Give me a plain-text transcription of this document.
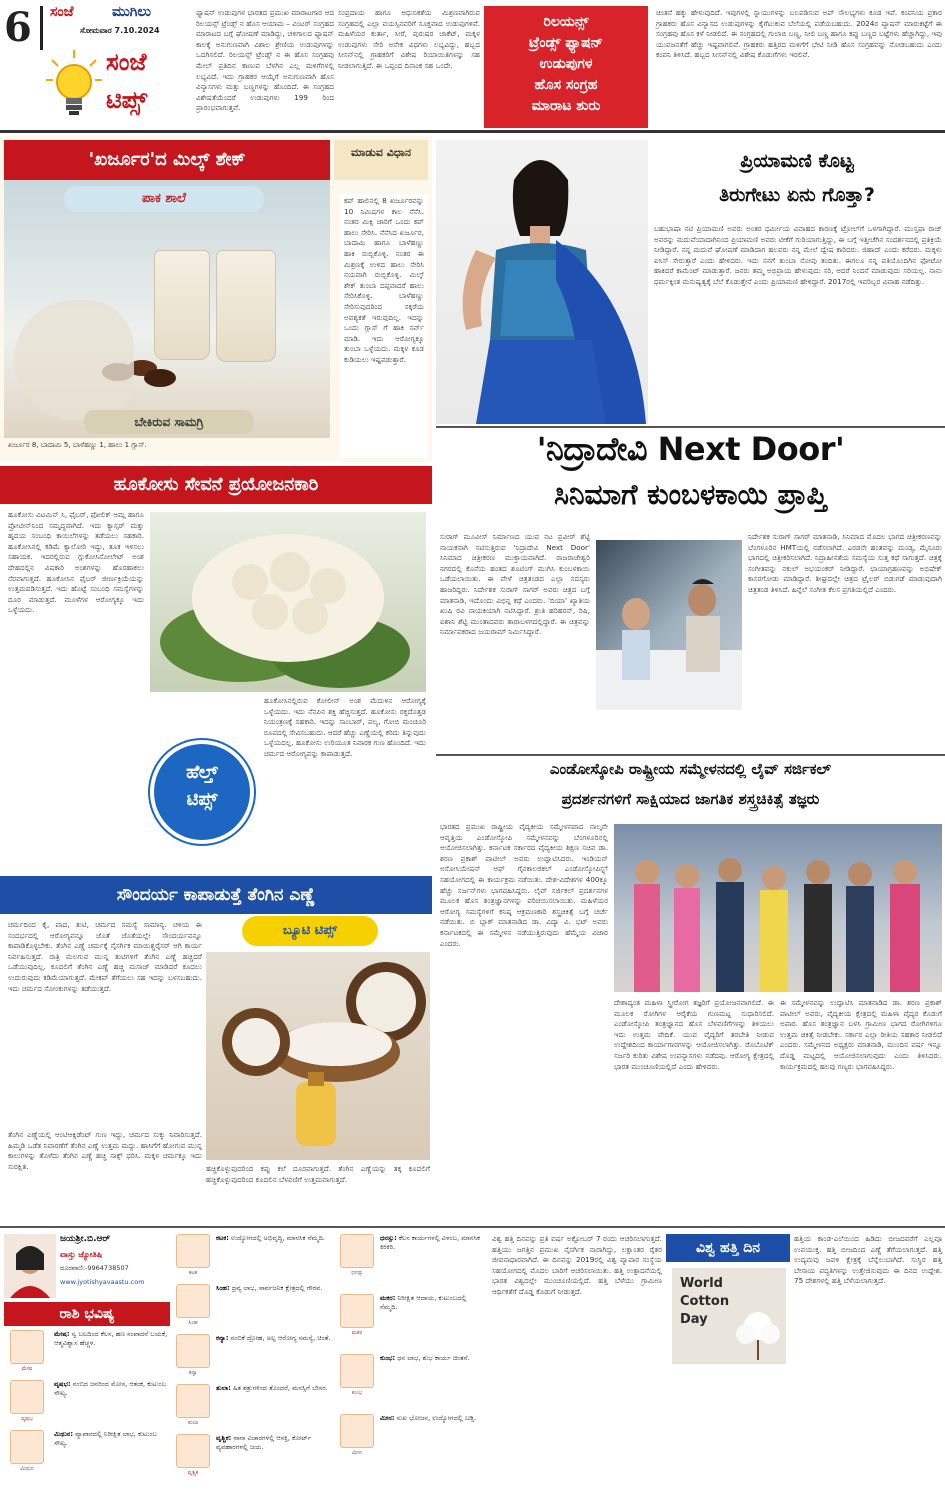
6	ಸಂಜೆ	ಮುಗಿಲು
ಸೋಮವಾರ 7.10.2024
ಸಂಜೆ
ಟಿಪ್ಸ್
ಫ್ಯಾಷನ್ ಉಡುಪುಗಳ ಭಾರತದ ಪ್ರಮುಖ ಮಾರಾಟಗಾರ ಆದ ರಿಲಯನ್ಸ್ ಟ್ರೆಂಡ್ಸ್ ನ ಹೊಸ ಆಯಾಮ – ವಿಂಟರ್ ಸಂಗ್ರಹದ ಮಾರಾಟದ ಬಗ್ಗೆ ಘೋಷಣೆ ಮಾಡಿದ್ದು, ಚಳಿಗಾಲದ ಫ್ಯಾಷನ್ ಕಾಲಕ್ಕೆ ಅನುಗುಣವಾಗಿ ವಿಶಾಲ ಶ್ರೇಣಿಯ ಉಡುಪುಗಳನ್ನು ಒದಗಿಸಲಿದೆ. ರಿಲಯನ್ಸ್ ಟ್ರೆಂಡ್ಸ್ ನ ಈ ಹೊಸ ಸಂಗ್ರಹವು ಮೇಲ್ ಪ್ರತಿದಿನ ಕಾಣುವ ಬೆಳಗಿನ ಎಲ್ಲ ಮಳಿಗೆಗಳಲ್ಲಿ ಲಭ್ಯವಿದೆ. ಇದು ಗ್ರಾಹಕರ ಆಯ್ಕೆಗೆ ಅನುಗುಣವಾಗಿ ಹೊಸ ವಿನ್ಯಾಸಗಳು ಮತ್ತು ಬಣ್ಣಗಳನ್ನು ಹೊಂದಿದೆ. ಈ ಸಂಗ್ರಹದ ವಿಶೇಷತೆಯೆಂದರೆ ಉಡುಪುಗಳು 199 ರಿಂದ ಪ್ರಾರಂಭವಾಗುತ್ತವೆ.
ಸಂಪ್ರದಾಯ ಹಾಗೂ ಆಧುನಿಕತೆಯ ಮಿಶ್ರಣವಾಗಿರುವ ಸಂಗ್ರಹದಲ್ಲಿ ಎಲ್ಲಾ ವಯಸ್ಸಿನವರಿಗೆ ಸೂಕ್ತವಾದ ಉಡುಪುಗಳಿವೆ. ಮಹಿಳೆಯರ ಕುರ್ತಾ, ಸೀರೆ, ಪುರುಷರ ಜಾಕೆಟ್, ಮಕ್ಕಳ ಉಡುಪುಗಳು ಸೇರಿ ಅನೇಕ ವಿಧಗಳು ಲಭ್ಯವಿದ್ದು, ಹಬ್ಬದ ಸೀಸನ್‌ನಲ್ಲಿ ಗ್ರಾಹಕರಿಗೆ ವಿಶೇಷ ರಿಯಾಯಿತಿಗಳನ್ನು ಸಹ ನೀಡಲಾಗುತ್ತಿದೆ. ಈ ಒಪ್ಪಂದ ದಿನಾಂಕ ಸಹ ಒಂದೇ.
ರಿಲಯನ್ಸ್
ಟ್ರೆಂಡ್ಸ್ ಫ್ಯಾಷನ್
ಉಡುಪುಗಳ
ಹೊಸ ಸಂಗ್ರಹ
ಮಾರಾಟ ಶುರು
ಚಿಂತನೆ ಹಕ್ಕು ಹೇಳುವುದಿದೆ. ಇವುಗಳಲ್ಲಿ ಸ್ನಾಯುಗಳನ್ನು ಬಲಪಡಿಸುವ ಅಪ್ ಸೌಲಭ್ಯಗಳು ಕೂಡ ಇವೆ. ಕಂಪನಿಯ ಪ್ರಕಾರ ಗ್ರಾಹಕರು ಹೊಸ ವಿನ್ಯಾಸದ ಉಡುಪುಗಳನ್ನು ಕೈಗೆಟುಕುವ ಬೆಲೆಯಲ್ಲಿ ಪಡೆಯಬಹುದು. 2024ರ ಪ್ಯಾಷನ್ ಮಾರುಕಟ್ಟೆಗೆ ಈ ಸಂಗ್ರಹವು ಹೊಸ ಕಳೆ ನೀಡಲಿದೆ. ಈ ಸಂಗ್ರಹದಲ್ಲಿ ಗುಲಾಬಿ ಬಣ್ಣ, ನೀಲಿ ಬಣ್ಣ ಹಾಗೂ ಕಪ್ಪು ಬಣ್ಣದ ಬಟ್ಟೆಗಳು ಹೆಚ್ಚಾಗಿದ್ದು, ಇವು ಯುವಜನತೆಗೆ ಹೆಚ್ಚು ಇಷ್ಟವಾಗಲಿವೆ. ಗ್ರಾಹಕರು ಹತ್ತಿರದ ಮಳಿಗೆಗೆ ಭೇಟಿ ನೀಡಿ ಹೊಸ ಸಂಗ್ರಹವನ್ನು ನೋಡಬಹುದು ಎಂದು ಕಂಪನಿ ತಿಳಿಸಿದೆ. ಹಬ್ಬದ ಸೀಸನ್‌ನಲ್ಲಿ ವಿಶೇಷ ಕೊಡುಗೆಗಳು ಇರಲಿವೆ.
'ಖರ್ಜೂರ'ದ ಮಿಲ್ಕ್ ಶೇಕ್	ಮಾಡುವ ವಿಧಾನ
ಪಾಕ ಶಾಲೆ
ಬೇಕಿರುವ ಸಾಮಗ್ರಿ
ಖರ್ಜೂರ 8, ಬಾದಾಮಿ 5, ಬಾಳೆಹಣ್ಣು 1, ಹಾಲು 1 ಗ್ಲಾಸ್.
ಕಪ್ ಹಾಲಿನಲ್ಲಿ 8 ಖರ್ಜೂರವನ್ನು 10 ನಿಮಿಷಗಳ ಕಾಲ ನೆನೆಸಿ. ನಂತರ ಮಿಕ್ಸಿ ಜಾರಿಗೆ ಒಂದು ಕಪ್ ಹಾಲು ಸೇರಿಸಿ. ನೆನೆಸಿದ ಖರ್ಜೂರ, ಬಾದಾಮಿ ಹಾಗೂ ಬಾಳೆಹಣ್ಣು ಹಾಕಿ ರುಬ್ಬಿಕೊಳ್ಳಿ. ನಂತರ ಈ ಮಿಶ್ರಣಕ್ಕೆ ಉಳಿದ ಹಾಲು ಸೇರಿಸಿ ನಯವಾಗಿ ರುಬ್ಬಿಕೊಳ್ಳಿ. ಮಿಲ್ಕ್ ಶೇಕ್ ತುಂಬಾ ದಪ್ಪವಾದರೆ ಹಾಲು ಸೇರಿಸಿಕೊಳ್ಳಿ. ಬಾಳೆಹಣ್ಣು ಸೇರಿಸುವುದರಿಂದ ಸಕ್ಕರೆಯ ಅವಶ್ಯಕತೆ ಇರುವುದಿಲ್ಲ. ಇದನ್ನು ಒಂದು ಗ್ಲಾಸ್ ಗೆ ಹಾಕಿ ಸರ್ವ್ ಮಾಡಿ. ಇದು ಆರೋಗ್ಯಕ್ಕೂ ತುಂಬಾ ಒಳ್ಳೆಯದು. ಮಕ್ಕಳ ಕೂಡ ಕುಡಿಯಲು ಇಷ್ಟಪಡುತ್ತಾರೆ.
ಪ್ರಿಯಾಮಣಿ ಕೊಟ್ಟ
ತಿರುಗೇಟು ಏನು ಗೊತ್ತಾ?
ಬಹುಭಾಷಾ ನಟಿ ಪ್ರಿಯಾಮಣಿ ಅವರು ಅಂತರ ಧರ್ಮೀಯ ವಿವಾಹದ ಕಾರಣಕ್ಕೆ ಟ್ರೋಲ್‌ಗೆ ಒಳಗಾಗಿದ್ದಾರೆ. ಮುಸ್ತಫಾ ರಾಜ್ ಅವರನ್ನು ಮದುವೆಯಾದಾಗಿನಿಂದ ಪ್ರಿಯಾಮಣಿ ಅವರು ಟೀಕೆಗೆ ಗುರಿಯಾಗುತ್ತಿದ್ದು, ಈ ಬಗ್ಗೆ ಇತ್ತೀಚೆಗಿನ ಸಂದರ್ಶನದಲ್ಲಿ ಪ್ರತಿಕ್ರಿಯೆ ನೀಡಿದ್ದಾರೆ. ನನ್ನ ಮದುವೆ ಘೋಷಣೆ ಮಾಡಿದಾಗ ಹಲವರು ನನ್ನ ಮೇಲೆ ದ್ವೇಷ ಕಾರಿದರು. ಜಿಹಾದ್ ಎಂದು ಕರೆದರು. ಮಕ್ಕಳು ಐಸಿಸ್ ಸೇರುತ್ತಾರೆ ಎಂದು ಹೇಳಿದರು. ಇದು ನನಗೆ ತುಂಬಾ ನೋವು ತಂದಿತು. ಈಗಲೂ ನನ್ನ ಪತಿಯೊಂದಿಗಿನ ಫೋಟೋ ಹಾಕಿದರೆ ಕಾಮೆಂಟ್ ಮಾಡುತ್ತಾರೆ. ಜನರು ತಮ್ಮ ಅಭಿಪ್ರಾಯ ಹೇಳುವುದು ಸರಿ, ಆದರೆ ನಿಂದನೆ ಮಾಡುವುದು ಸರಿಯಲ್ಲ. ನಾನು ಧರ್ಮಕ್ಕಿಂತ ಮನುಷ್ಯತ್ವಕ್ಕೆ ಬೆಲೆ ಕೊಡುತ್ತೇನೆ ಎಂದು ಪ್ರಿಯಾಮಣಿ ಹೇಳಿದ್ದಾರೆ. 2017ರಲ್ಲಿ ಇವರಿಬ್ಬರ ವಿವಾಹ ನಡೆದಿತ್ತು.
'ನಿದ್ರಾದೇವಿ Next Door'
ಸಿನಿಮಾಗೆ ಕುಂಬಳಕಾಯಿ ಪ್ರಾಪ್ತಿ
ಸುರಾಗ್ ಮೂವೀಸ್ ನಿರ್ಮಾಣದ ಯುವ ನಟ ಪ್ರವೀರ್ ಶೆಟ್ಟಿ ನಾಯಕನಾಗಿ ನಟಿಸುತ್ತಿರುವ 'ನಿದ್ರಾದೇವಿ Next Door' ಸಿನಿಮಾದ ಚಿತ್ರೀಕರಣ ಮುಕ್ತಾಯವಾಗಿದೆ. ರಾಜರಾಜೇಶ್ವರಿ ನಗರದಲ್ಲಿ ಕೊನೆಯ ಹಂತದ ಶೂಟಿಂಗ್ ಮುಗಿಸಿ ಕುಂಬಳಕಾಯಿ ಒಡೆಯಲಾಯಿತು. ಈ ವೇಳೆ ಚಿತ್ರತಂಡದ ಎಲ್ಲಾ ಸದಸ್ಯರು ಹಾಜರಿದ್ದರು. ನಿರ್ದೇಶಕ ಸುರಾಗ್ ಸಾಗರ್ ಅವರು ಚಿತ್ರದ ಬಗ್ಗೆ ಮಾತನಾಡಿ, ಇದೊಂದು ವಿಭಿನ್ನ ಕಥೆ ಎಂದರು. 'ದಿಯಾ' ಖ್ಯಾತಿಯ ಖುಷಿ ರವಿ ನಾಯಕಿಯಾಗಿ ನಟಿಸಿದ್ದಾರೆ. ಶ್ರುತಿ ಹರಿಹರನ್, ರಿಷಿ, ಐಶಾನಿ ಶೆಟ್ಟಿ ಮುಂತಾದವರು ತಾರಾಬಳಗದಲ್ಲಿದ್ದಾರೆ. ಈ ಚಿತ್ರವನ್ನು ನಿರ್ಮಾಪಕರಾದ ಜಯರಾಮ್ ನಿರ್ಮಿಸಿದ್ದಾರೆ.
ನಿರ್ದೇಶಕ ಸುರಾಗ್ ಸಾಗರ್ ಮಾತನಾಡಿ, ಸಿನಿಮಾದ ಮೊದಲ ಭಾಗದ ಚಿತ್ರೀಕರಣವನ್ನು ಬೆಂಗಳೂರಿನ HMTಯಲ್ಲಿ ನಡೆಸಲಾಗಿದೆ. ಎರಡನೇ ಹಂತವನ್ನು ಮಂಡ್ಯ, ಮೈಸೂರು ಭಾಗದಲ್ಲಿ ಚಿತ್ರೀಕರಿಸಲಾಗಿದೆ. ನಿದ್ರಾಹೀನತೆಯ ಸಮಸ್ಯೆಯ ಸುತ್ತ ಕಥೆ ಸಾಗುತ್ತದೆ. ಚಿತ್ರಕ್ಕೆ ಸಂಗೀತವನ್ನು ನಕುಲ್ ಅಭಯಂಕರ್ ನೀಡಿದ್ದಾರೆ. ಛಾಯಾಗ್ರಹಣವನ್ನು ಅಭಿಷೇಕ್ ಕಾಸರಗೋಡು ಮಾಡಿದ್ದಾರೆ. ಶೀಘ್ರದಲ್ಲೇ ಚಿತ್ರದ ಟ್ರೈಲರ್ ಬಿಡುಗಡೆ ಮಾಡುವುದಾಗಿ ಚಿತ್ರತಂಡ ತಿಳಿಸಿದೆ. ಹಿನ್ನೆಲೆ ಸಂಗೀತ ಕೆಲಸ ಪ್ರಗತಿಯಲ್ಲಿದೆ ಎಂದರು.
ಹೂಕೋಸು ಸೇವನೆ ಪ್ರಯೋಜನಕಾರಿ
ಹೂಕೋಸು ವಿಟಮಿನ್ ಸಿ, ಫೈಬರ್, ಫೋಲಿಕ್ ಆಮ್ಲ ಹಾಗೂ ಪ್ರೋಟೀನ್‌ನಿಂದ ಸಮೃದ್ಧವಾಗಿದೆ. ಇದು ಕ್ಯಾನ್ಸರ್ ಮತ್ತು ಹೃದಯ ಸಂಬಂಧಿ ಕಾಯಿಲೆಗಳನ್ನು ತಡೆಯಲು ಸಹಕಾರಿ. ಹೂಕೋಸಿನಲ್ಲಿ ಕಡಿಮೆ ಕ್ಯಾಲೋರಿ ಇದ್ದು, ತೂಕ ಇಳಿಸಲು ಸಹಾಯಕ. ಇದರಲ್ಲಿರುವ ಗ್ಲುಕೋಸಿನೋಲೇಟ್ ಅಂಶ ದೇಹದಲ್ಲಿನ ವಿಷಕಾರಿ ಅಂಶಗಳನ್ನು ಹೊರಹಾಕಲು ನೆರವಾಗುತ್ತದೆ. ಹೂಕೋಸಿನ ಫೈಬರ್ ಜೀರ್ಣಕ್ರಿಯೆಯನ್ನು ಉತ್ತಮಪಡಿಸುತ್ತದೆ. ಇದು ಹೊಟ್ಟೆ ಸಂಬಂಧಿ ಸಮಸ್ಯೆಗಳನ್ನು ದೂರ ಮಾಡುತ್ತದೆ. ಮೂಳೆಗಳ ಆರೋಗ್ಯಕ್ಕೂ ಇದು ಒಳ್ಳೆಯದು.
ಹೂಕೋಸಿನಲ್ಲಿರುವ ಕೋಲೀನ್ ಅಂಶ ಮೆದುಳಿನ ಆರೋಗ್ಯಕ್ಕೆ ಒಳ್ಳೆಯದು. ಇದು ನೆನಪಿನ ಶಕ್ತಿ ಹೆಚ್ಚಿಸುತ್ತದೆ. ಹೂಕೋಸು ರಕ್ತದೊತ್ತಡ ನಿಯಂತ್ರಣಕ್ಕೆ ಸಹಕಾರಿ. ಇದನ್ನು ಸಾಂಬಾರ್, ಪಲ್ಯ, ಗೋಬಿ ಮಂಚೂರಿ ರೂಪದಲ್ಲಿ ಸೇವಿಸಬಹುದು. ಆದರೆ ಹೆಚ್ಚು ಎಣ್ಣೆಯಲ್ಲಿ ಕರಿದು ತಿನ್ನುವುದು ಒಳ್ಳೆಯದಲ್ಲ. ಹೂಕೋಸು ಉರಿಯೂತ ನಿವಾರಕ ಗುಣ ಹೊಂದಿದೆ. ಇದು ಚರ್ಮದ ಆರೋಗ್ಯವನ್ನು ಕಾಪಾಡುತ್ತದೆ.
ಹೆಲ್ತ್
ಟಿಪ್ಸ್
ಎಂಡೋಸ್ಕೋಪಿ ರಾಷ್ಟ್ರೀಯ ಸಮ್ಮೇಳನದಲ್ಲಿ ಲೈವ್ ಸರ್ಜಿಕಲ್
ಪ್ರದರ್ಶನಗಳಿಗೆ ಸಾಕ್ಷಿಯಾದ ಜಾಗತಿಕ ಶಸ್ತ್ರಚಿಕಿತ್ಸೆ ತಜ್ಞರು
ಭಾರತದ ಪ್ರಮುಖ ರಾಷ್ಟ್ರೀಯ ವೈದ್ಯಕೀಯ ಸಮ್ಮೇಳನವಾದ ನಾಲ್ಕನೇ ಆವೃತ್ತಿಯ ಎಂಡೋಸ್ಕೋಪಿ ಸಮ್ಮೇಳನವನ್ನು ಬೆಂಗಳೂರಿನಲ್ಲಿ ಆಯೋಜಿಸಲಾಗಿತ್ತು. ಕರ್ನಾಟಕ ಸರ್ಕಾರದ ವೈದ್ಯಕೀಯ ಶಿಕ್ಷಣ ಸಚಿವ ಡಾ. ಶರಣ ಪ್ರಕಾಶ್ ಪಾಟೀಲ್ ಅವರು ಉದ್ಘಾಟಿಸಿದರು. ಇಂಡಿಯನ್ ಅಸೋಸಿಯೇಷನ್ ಆಫ್ ಗೈನಕಾಲಜಿಕಲ್ ಎಂಡೋಸ್ಕೋಪಿಸ್ಟ್ಸ್ ಸಹಯೋಗದಲ್ಲಿ ಈ ಕಾರ್ಯಕ್ರಮ ನಡೆಯಿತು. ದೇಶ-ವಿದೇಶಗಳ 400ಕ್ಕೂ ಹೆಚ್ಚು ಸರ್ಜನ್‌ಗಳು ಭಾಗವಹಿಸಿದ್ದರು. ಲೈವ್ ಸರ್ಜಿಕಲ್ ಪ್ರದರ್ಶನಗಳ ಮೂಲಕ ಹೊಸ ತಂತ್ರಜ್ಞಾನಗಳನ್ನು ಪರಿಚಯಿಸಲಾಯಿತು. ಮಹಿಳೆಯರ ಆರೋಗ್ಯ ಸಮಸ್ಯೆಗಳಿಗೆ ಕನಿಷ್ಠ ಆಕ್ರಮಣಕಾರಿ ಶಸ್ತ್ರಚಿಕಿತ್ಸೆ ಬಗ್ಗೆ ಚರ್ಚೆ ನಡೆಯಿತು. ಬಿ ಬ್ಲಾಕ್ ಮಾತನಾಡಿದ ಡಾ. ವಿದ್ಯಾ ವಿ. ಭಟ್ ಅವರು ಕರ್ನಾಟಕದಲ್ಲಿ ಈ ಸಮ್ಮೇಳನ ನಡೆಯುತ್ತಿರುವುದು ಹೆಮ್ಮೆಯ ವಿಚಾರ ಎಂದರು.
ದೇಶಾದ್ಯಂತ ಮಹಿಳಾ ಸ್ತ್ರೀರೋಗ ತಜ್ಞರಿಗೆ ಪ್ರಯೋಜನವಾಗಲಿದೆ. ಈ ಮೂಲಕ ರೋಗಿಗಳ ಆರೈಕೆಯ ಗುಣಮಟ್ಟ ಸುಧಾರಿಸಲಿದೆ. ಎಂಡೋಸ್ಕೋಪಿ ತಂತ್ರಜ್ಞಾನದ ಹೊಸ ಬೆಳವಣಿಗೆಗಳನ್ನು ತಿಳಿಯಲು ಇದು ಉತ್ತಮ ವೇದಿಕೆ. ಯುವ ವೈದ್ಯರಿಗೆ ತರಬೇತಿ ನೀಡುವ ಉದ್ದೇಶದಿಂದ ಕಾರ್ಯಾಗಾರಗಳನ್ನು ಆಯೋಜಿಸಲಾಗಿತ್ತು. ರೊಬೊಟಿಕ್ ಸರ್ಜರಿ ಕುರಿತು ವಿಶೇಷ ಉಪನ್ಯಾಸಗಳು ನಡೆದವು. ಆರೋಗ್ಯ ಕ್ಷೇತ್ರದಲ್ಲಿ ಭಾರತ ಮುಂಚೂಣಿಯಲ್ಲಿದೆ ಎಂದು ಹೇಳಿದರು.
ಈ ಸಮ್ಮೇಳನವನ್ನು ಉದ್ಘಾಟಿಸಿ ಮಾತನಾಡಿದ ಡಾ. ಶರಣ ಪ್ರಕಾಶ್ ಪಾಟೀಲ್ ಅವರು, ವೈದ್ಯಕೀಯ ಕ್ಷೇತ್ರದಲ್ಲಿ ಮಹಿಳಾ ವೈದ್ಯರ ಕೊಡುಗೆ ಅಪಾರ. ಹೊಸ ತಂತ್ರಜ್ಞಾನ ಬಳಸಿ ಗ್ರಾಮೀಣ ಭಾಗದ ರೋಗಿಗಳಿಗೂ ಉತ್ತಮ ಚಿಕಿತ್ಸೆ ನೀಡಬೇಕು. ಸರ್ಕಾರ ಎಲ್ಲಾ ರೀತಿಯ ಸಹಕಾರ ನೀಡಲಿದೆ ಎಂದರು. ಸಮ್ಮೇಳನದ ಅಧ್ಯಕ್ಷರು ಮಾತನಾಡಿ, ಮುಂದಿನ ವರ್ಷ ಇನ್ನೂ ದೊಡ್ಡ ಮಟ್ಟದಲ್ಲಿ ಆಯೋಜಿಸಲಾಗುವುದು ಎಂದು ತಿಳಿಸಿದರು. ಕಾರ್ಯಕ್ರಮದಲ್ಲಿ ಹಲವು ಗಣ್ಯರು ಭಾಗವಹಿಸಿದ್ದರು.
ಸೌಂದರ್ಯ ಕಾಪಾಡುತ್ತೆ ತೆಂಗಿನ ಎಣ್ಣೆ
ಚರ್ಮದಿಂದ ಕೈ, ಪಾದ, ತುಟಿ, ಚರ್ಮದ ಸಮಸ್ಯೆ ಸಾಮಾನ್ಯ. ಚಳಿಯ ಈ ಸಂದರ್ಭದಲ್ಲಿ ಆರೋಗ್ಯವನ್ನೂ ಜೊತೆ ಜೊತೆಯಲ್ಲೇ ಸೌಂದರ್ಯವನ್ನೂ ಕಾಪಾಡಿಕೊಳ್ಳಬೇಕು. ತೆಂಗಿನ ಎಣ್ಣೆ ಚರ್ಮಕ್ಕೆ ನೈಸರ್ಗಿಕ ಮಾಯಿಶ್ಚರೈಸರ್ ಆಗಿ ಕಾರ್ಯ ನಿರ್ವಹಿಸುತ್ತದೆ. ರಾತ್ರಿ ಮಲಗುವ ಮುನ್ನ ತುಟಿಗಳಿಗೆ ತೆಂಗಿನ ಎಣ್ಣೆ ಹಚ್ಚಿದರೆ ಒಡೆಯುವುದಿಲ್ಲ. ಕೂದಲಿಗೆ ತೆಂಗಿನ ಎಣ್ಣೆ ಹಚ್ಚಿ ಮಸಾಜ್ ಮಾಡಿದರೆ ಕೂದಲು ಉದುರುವುದು ಕಡಿಮೆಯಾಗುತ್ತದೆ. ಮೇಕಪ್ ತೆಗೆಯಲು ಸಹ ಇದನ್ನು ಬಳಸಬಹುದು. ಇದು ಚರ್ಮದ ಸೋಂಕುಗಳನ್ನು ತಡೆಯುತ್ತದೆ.
ಬ್ಯೂಟಿ ಟಿಪ್ಸ್
ಹಚ್ಚಿಕೊಳ್ಳುವುದರಿಂದ ಕಪ್ಪು ಕಲೆ ದೂರವಾಗುತ್ತದೆ. ತೆಂಗಿನ ಎಣ್ಣೆಯನ್ನು ತಕ್ಕ ಕೂದಲಿಗೆ ಹಚ್ಚಿಕೊಳ್ಳುವುದರಿಂದ ಕೂದಲಿನ ಬೆಳವಣಿಗೆ ಉತ್ತಮವಾಗುತ್ತದೆ.
ತೆಂಗಿನ ಎಣ್ಣೆಯಲ್ಲಿ ಆಂಟಿಆಕ್ಸಿಡೆಂಟ್ ಗುಣ ಇದ್ದು, ಚರ್ಮದ ಸುಕ್ಕು ನಿವಾರಿಸುತ್ತದೆ. ಹಿಮ್ಮಡಿ ಒಡೆತ ನಿವಾರಣೆಗೆ ತೆಂಗಿನ ಎಣ್ಣೆ ಉತ್ತಮ ಮದ್ದು. ಹಾಸಿಗೆಗೆ ಹೋಗುವ ಮುನ್ನ ಕಾಲುಗಳನ್ನು ತೊಳೆದು ತೆಂಗಿನ ಎಣ್ಣೆ ಹಚ್ಚಿ ಸಾಕ್ಸ್ ಧರಿಸಿ. ಮಕ್ಕಳ ಚರ್ಮಕ್ಕೂ ಇದು ಸುರಕ್ಷಿತ.
ಜಯಶ್ರೀ.ಬಿ.ಆರ್
ವಾಸ್ತು ಜ್ಯೋತಿಷಿ
ದೂರವಾಣಿ:-9964738507
www.jyotishyavaastu.com
ರಾಶಿ ಭವಿಷ್ಯ
ಮೇಷ
ಮೇಷ: ಸ್ವ ಬಲದಿಂದ ಕೆಲಸ, ಹಣ ಸಂಪಾದನೆ ಬಯಕೆ, ಆತ್ಮವಿಶ್ವಾಸ ಹೆಚ್ಚಳ.
ವೃಷಭ
ವೃಷಭ: ನಂಬಿದ ಜನರಿಂದ ಮೋಸ, ಆತಂಕ, ಕುಟುಂಬ ಸೌಖ್ಯ.
ಮಿಥುನ
ಮಿಥುನ: ವ್ಯಾಪಾರದಲ್ಲಿ ನಿರೀಕ್ಷಿತ ಲಾಭ, ಕುಟುಂಬ ಸೌಖ್ಯ.
ಕಟಕ
ಕಟಕ: ಉದ್ಯೋಗದಲ್ಲಿ ಅಭಿವೃದ್ಧಿ, ಮಾನಸಿಕ ನೆಮ್ಮದಿ.
ಸಿಂಹ
ಸಿಂಹ: ದ್ರವ್ಯ ಲಾಭ, ಸಾರ್ವಜನಿಕ ಕ್ಷೇತ್ರದಲ್ಲಿ ಗೌರವ.
ಕನ್ಯಾ
ಕನ್ಯಾ: ನಂಬಿಕೆ ದ್ರೋಹ, ಅಲ್ಪ ಆರೋಗ್ಯ ಸಮಸ್ಯೆ, ಚಿಂತೆ.
ತುಲಾ
ತುಲಾ: ಹಿತ ಶತ್ರುಗಳಿಂದ ತೊಂದರೆ, ಮನಸ್ಸಿಗೆ ಬೇಸರ.
ವೃಶ್ಚಿಕ
ವೃಶ್ಚಿಕ: ನಾನಾ ವಿಚಾರಗಳಲ್ಲಿ ಆಸಕ್ತಿ, ಕೋರ್ಟ್ ವ್ಯವಹಾರಗಳಲ್ಲಿ ಜಯ.
ಧನಸ್ಸು
ಧನಸ್ಸು: ಕೆಲಸ ಕಾರ್ಯಗಳಲ್ಲಿ ವಿಳಂಬ, ಮಾನಸಿಕ ಕಿರಿಕಿರಿ.
ಮಕರ
ಮಕರ: ನಿರೀಕ್ಷಿತ ಆದಾಯ, ಕುಟುಂಬದಲ್ಲಿ ನೆಮ್ಮದಿ.
ಕುಂಭ
ಕುಂಭ: ಧನ ಲಾಭ, ಶುಭ ಕಾರ್ಯ ಚಿಂತನೆ.
ಮೀನ
ಮೀನ: ಸುಖ ಭೋಜನ, ಉದ್ಯೋಗದಲ್ಲಿ ಬಡ್ತಿ.
ವಿಶ್ವ ಹತ್ತಿ ದಿನವನ್ನು ಪ್ರತಿ ವರ್ಷ ಅಕ್ಟೋಬರ್ 7 ರಂದು ಆಚರಿಸಲಾಗುತ್ತದೆ. ಹತ್ತಿಯು ಜಗತ್ತಿನ ಪ್ರಮುಖ ನೈಸರ್ಗಿಕ ನಾರಾಗಿದ್ದು, ಲಕ್ಷಾಂತರ ರೈತರ ಜೀವನಾಧಾರವಾಗಿದೆ. ಈ ದಿನವನ್ನು 2019ರಲ್ಲಿ ವಿಶ್ವ ವ್ಯಾಪಾರ ಸಂಸ್ಥೆಯ ಸಹಯೋಗದಲ್ಲಿ ಮೊದಲ ಬಾರಿಗೆ ಆಚರಿಸಲಾಯಿತು. ಹತ್ತಿ ಉತ್ಪಾದನೆಯಲ್ಲಿ ಭಾರತ ವಿಶ್ವದಲ್ಲೇ ಮುಂಚೂಣಿಯಲ್ಲಿದೆ. ಹತ್ತಿ ಬೆಳೆಯು ಗ್ರಾಮೀಣ ಆರ್ಥಿಕತೆಗೆ ದೊಡ್ಡ ಕೊಡುಗೆ ನೀಡುತ್ತದೆ.
ವಿಶ್ವ ಹತ್ತಿ ದಿನ
World
Cotton
Day
ಹತ್ತಿಯ ಕಾಂಡ-ಎಲೆಯಿಂದ ಹಿಡಿದು ಬೀಜದವರೆಗೆ ಎಲ್ಲವೂ ಉಪಯುಕ್ತ. ಹತ್ತಿ ಬೀಜದಿಂದ ಎಣ್ಣೆ ತೆಗೆಯಲಾಗುತ್ತದೆ. ಹತ್ತಿ ಉದ್ಯಮವು ಜವಳಿ ಕ್ಷೇತ್ರಕ್ಕೆ ಬೆನ್ನೆಲುಬಾಗಿದೆ. ಸುಸ್ಥಿರ ಹತ್ತಿ ಬೇಸಾಯ ಪದ್ಧತಿಗಳನ್ನು ಉತ್ತೇಜಿಸುವುದು ಈ ದಿನದ ಉದ್ದೇಶ. 75 ದೇಶಗಳಲ್ಲಿ ಹತ್ತಿ ಬೆಳೆಯಲಾಗುತ್ತದೆ.
